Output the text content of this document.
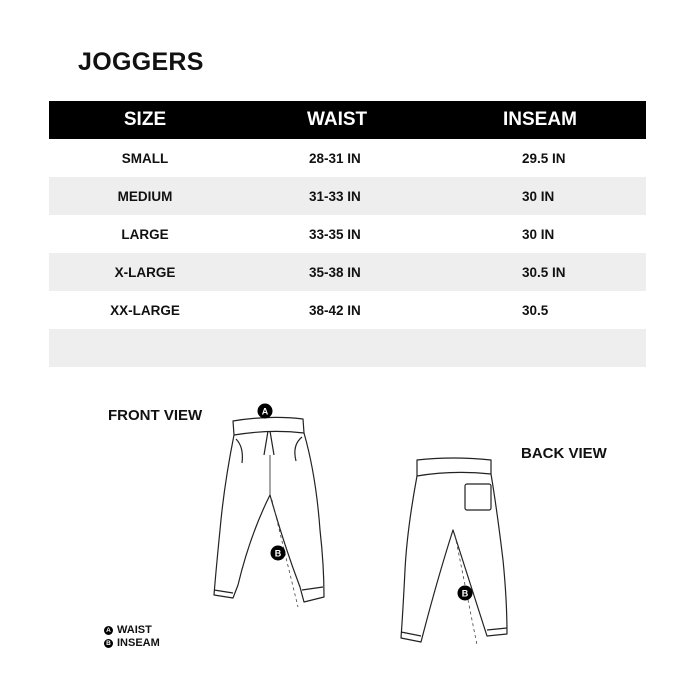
JOGGERS
SIZE	WAIST	INSEAM
SMALL	28-31 IN	29.5 IN
MEDIUM	31-33 IN	30 IN
LARGE	33-35 IN	30 IN
X-LARGE	35-38 IN	30.5 IN
XX-LARGE	38-42 IN	30.5
FRONT VIEW
BACK VIEW
A
B
B
A WAIST
B INSEAM
